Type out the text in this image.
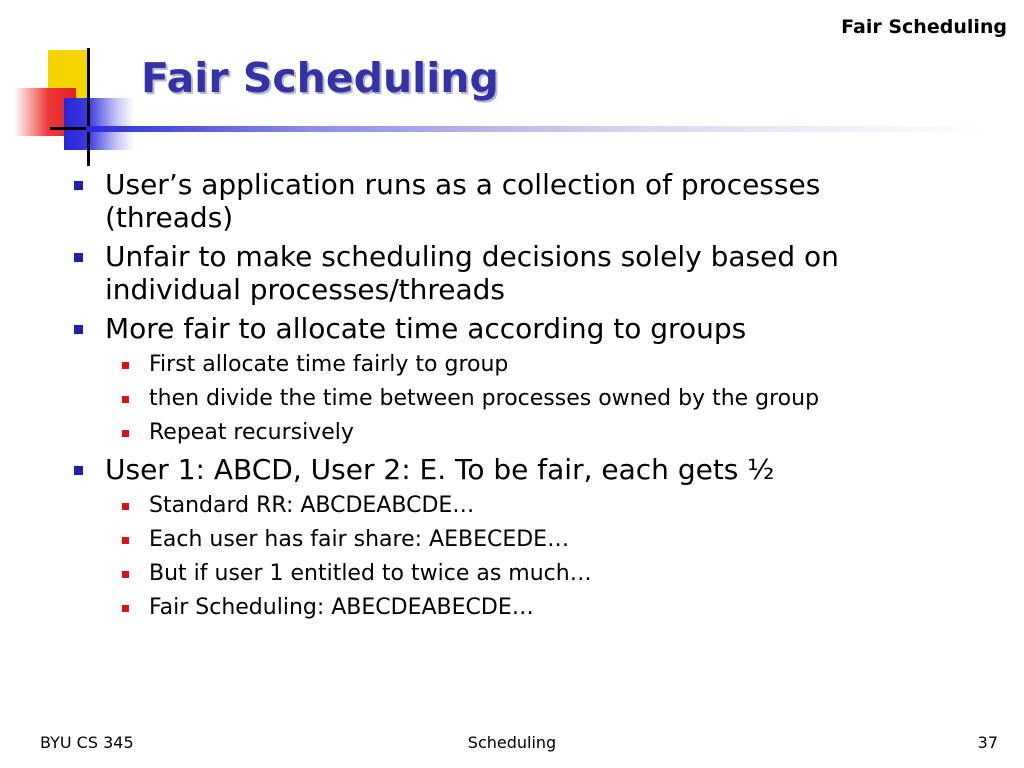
Fair Scheduling
Fair Scheduling
User’s application runs as a collection of processes (threads)
Unfair to make scheduling decisions solely based on individual processes/threads
More fair to allocate time according to groups
First allocate time fairly to group
then divide the time between processes owned by the group
Repeat recursively
User 1: ABCD, User 2: E. To be fair, each gets ½
Standard RR: ABCDEABCDE…
Each user has fair share: AEBECEDE…
But if user 1 entitled to twice as much…
Fair Scheduling: ABECDEABECDE…
BYU CS 345	Scheduling	37
